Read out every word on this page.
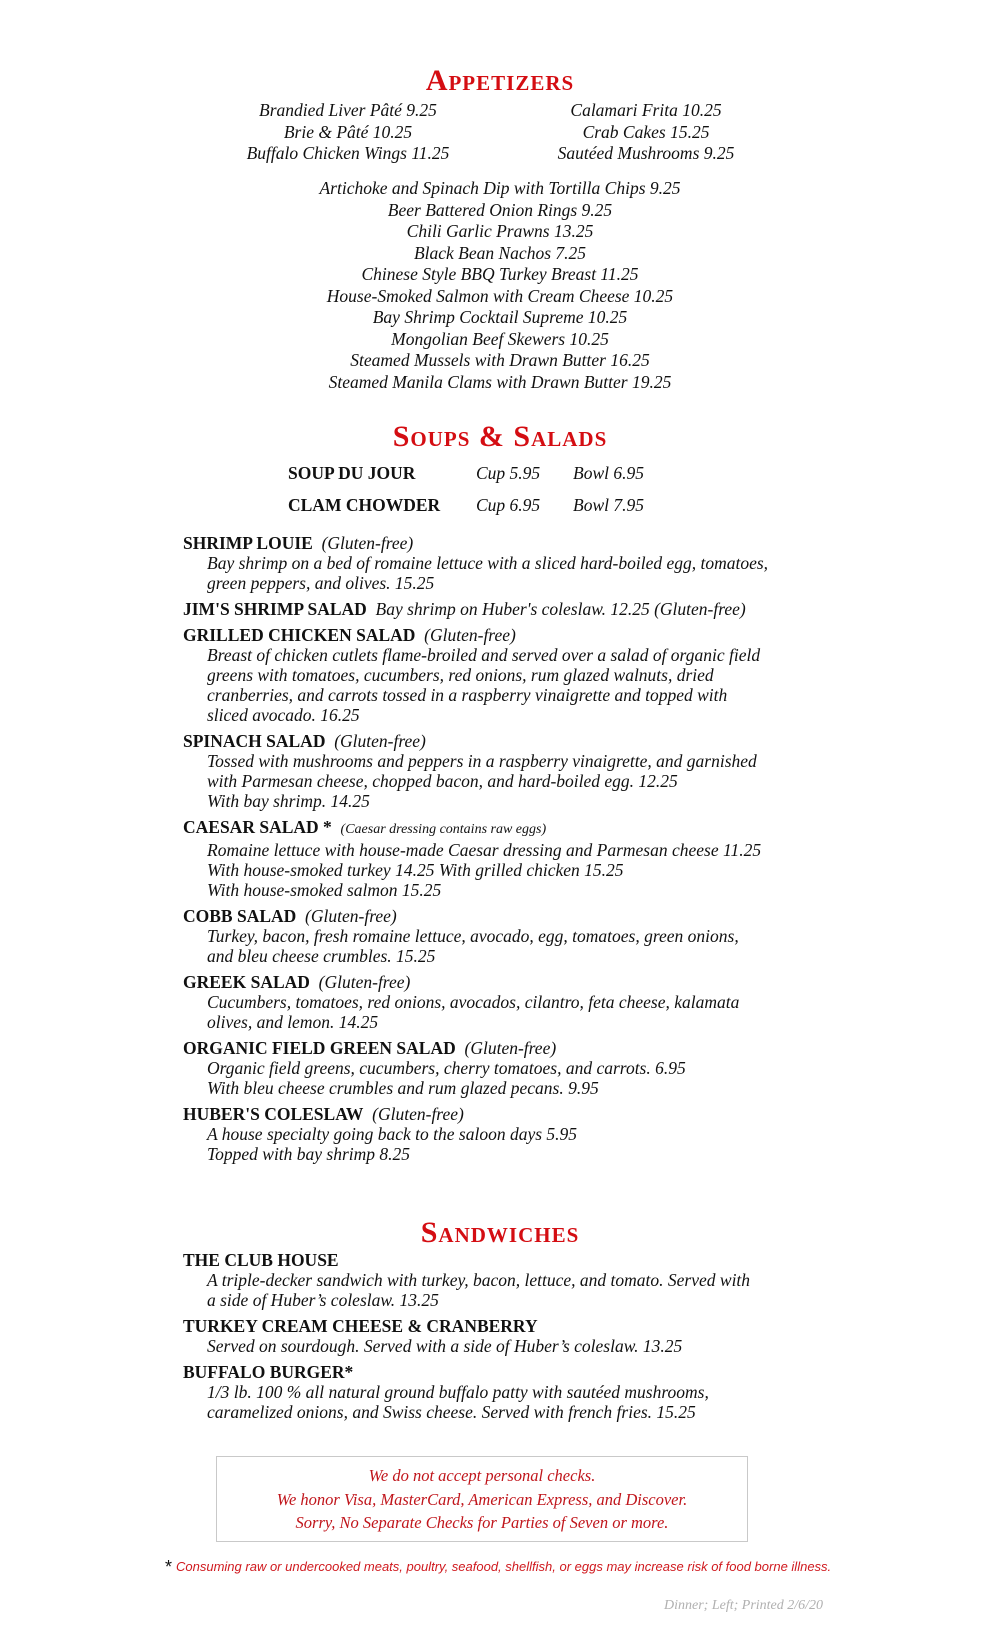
Appetizers
Brandied Liver Pâté 9.25
Brie & Pâté 10.25
Buffalo Chicken Wings 11.25
Calamari Frita 10.25
Crab Cakes 15.25
Sautéed Mushrooms 9.25
Artichoke and Spinach Dip with Tortilla Chips 9.25
Beer Battered Onion Rings 9.25
Chili Garlic Prawns 13.25
Black Bean Nachos 7.25
Chinese Style BBQ Turkey Breast 11.25
House-Smoked Salmon with Cream Cheese 10.25
Bay Shrimp Cocktail Supreme 10.25
Mongolian Beef Skewers 10.25
Steamed Mussels with Drawn Butter 16.25
Steamed Manila Clams with Drawn Butter 19.25
Soups & Salads
SOUP DU JOUR	Cup 5.95	Bowl 6.95
CLAM CHOWDER	Cup 6.95	Bowl 7.95
SHRIMP LOUIE (Gluten-free)
Bay shrimp on a bed of romaine lettuce with a sliced hard-boiled egg, tomatoes,
green peppers, and olives. 15.25
JIM'S SHRIMP SALAD Bay shrimp on Huber's coleslaw. 12.25 (Gluten-free)
GRILLED CHICKEN SALAD (Gluten-free)
Breast of chicken cutlets flame-broiled and served over a salad of organic field
greens with tomatoes, cucumbers, red onions, rum glazed walnuts, dried
cranberries, and carrots tossed in a raspberry vinaigrette and topped with
sliced avocado. 16.25
SPINACH SALAD (Gluten-free)
Tossed with mushrooms and peppers in a raspberry vinaigrette, and garnished
with Parmesan cheese, chopped bacon, and hard-boiled egg. 12.25
With bay shrimp. 14.25
CAESAR SALAD * (Caesar dressing contains raw eggs)
Romaine lettuce with house-made Caesar dressing and Parmesan cheese 11.25
With house-smoked turkey 14.25 With grilled chicken 15.25
With house-smoked salmon 15.25
COBB SALAD (Gluten-free)
Turkey, bacon, fresh romaine lettuce, avocado, egg, tomatoes, green onions,
and bleu cheese crumbles. 15.25
GREEK SALAD (Gluten-free)
Cucumbers, tomatoes, red onions, avocados, cilantro, feta cheese, kalamata
olives, and lemon. 14.25
ORGANIC FIELD GREEN SALAD (Gluten-free)
Organic field greens, cucumbers, cherry tomatoes, and carrots. 6.95
With bleu cheese crumbles and rum glazed pecans. 9.95
HUBER'S COLESLAW (Gluten-free)
A house specialty going back to the saloon days 5.95
Topped with bay shrimp 8.25
Sandwiches
THE CLUB HOUSE
A triple-decker sandwich with turkey, bacon, lettuce, and tomato. Served with
a side of Huber’s coleslaw. 13.25
TURKEY CREAM CHEESE & CRANBERRY
Served on sourdough. Served with a side of Huber’s coleslaw. 13.25
BUFFALO BURGER*
1/3 lb. 100 % all natural ground buffalo patty with sautéed mushrooms,
caramelized onions, and Swiss cheese. Served with french fries. 15.25
We do not accept personal checks.
We honor Visa, MasterCard, American Express, and Discover.
Sorry, No Separate Checks for Parties of Seven or more.
* Consuming raw or undercooked meats, poultry, seafood, shellfish, or eggs may increase risk of food borne illness.
Dinner; Left; Printed 2/6/20
